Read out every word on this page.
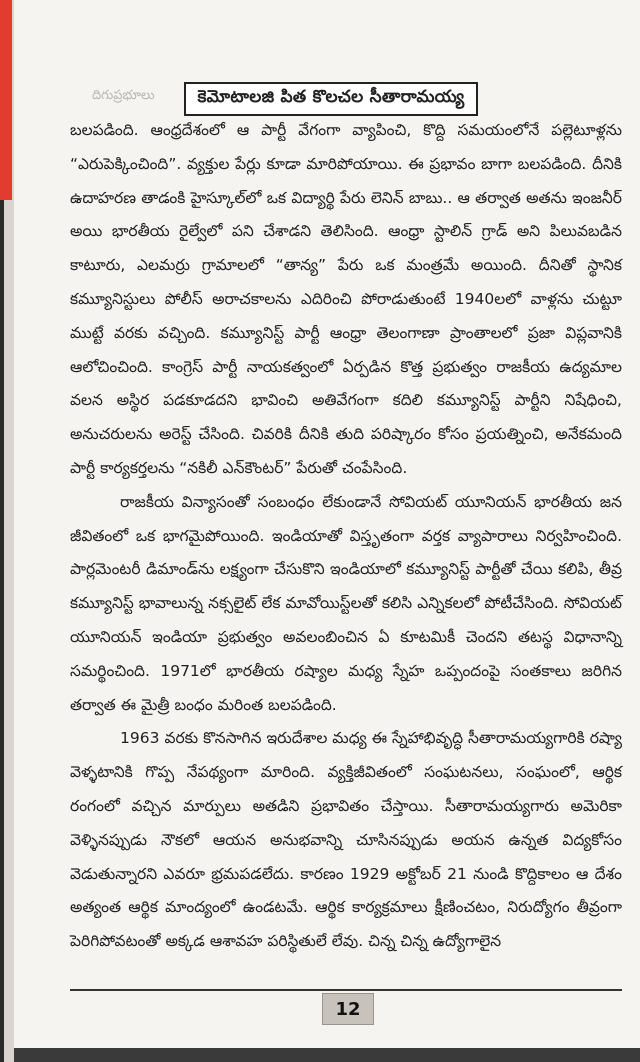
దిగుప్రభూలు	కెమోటాలజి పిత కొలచల సీతారామయ్య

బలపడింది. ఆంధ్రదేశంలో ఆ పార్టీ వేగంగా వ్యాపించి, కొద్ది సమయంలోనే పల్లెటూళ్లను “ఎరుపెక్కించింది”. వ్యక్తుల పేర్లు కూడా మారిపోయాయి. ఈ ప్రభావం బాగా బలపడింది. దీనికి ఉదాహరణ తాడంకి హైస్కూల్‌లో ఒక విద్యార్థి పేరు లెనిన్ బాబు.. ఆ తర్వాత అతను ఇంజనీర్ అయి భారతీయ రైల్వేలో పని చేశాడని తెలిసింది. ఆంధ్రా స్టాలిన్ గ్రాడ్ అని పిలువబడిన కాటూరు, ఎలమర్రు గ్రామాలలో “తాన్య” పేరు ఒక మంత్రమే అయింది. దీనితో స్థానిక కమ్యూనిస్టులు పోలీస్ అరాచకాలను ఎదిరించి పోరాడుతుంటే 1940లలో వాళ్లను చుట్టూ ముట్టే వరకు వచ్చింది. కమ్యూనిస్ట్ పార్టీ ఆంధ్రా తెలంగాణా ప్రాంతాలలో ప్రజా విప్లవానికి ఆలోచించింది. కాంగ్రెస్ పార్టీ నాయకత్వంలో ఏర్పడిన కొత్త ప్రభుత్వం రాజకీయ ఉద్యమాల వలన అస్థిర పడకూడదని భావించి అతివేగంగా కదిలి కమ్యూనిస్ట్ పార్టీని నిషేధించి, అనుచరులను అరెస్ట్ చేసింది. చివరికి దీనికి తుది పరిష్కారం కోసం ప్రయత్నించి, అనేకమంది పార్టీ కార్యకర్తలను “నకిలీ ఎన్‌కౌంటర్” పేరుతో చంపేసింది.

రాజకీయ విన్యాసంతో సంబంధం లేకుండానే సోవియట్ యూనియన్ భారతీయ జన జీవితంలో ఒక భాగమైపోయింది. ఇండియాతో విస్తృతంగా వర్తక వ్యాపారాలు నిర్వహించింది. పార్లమెంటరీ డిమాండ్‌ను లక్ష్యంగా చేసుకొని ఇండియాలో కమ్యూనిస్ట్ పార్టీతో చేయి కలిపి, తీవ్ర కమ్యూనిస్ట్ భావాలున్న నక్సలైట్ లేక మావోయిస్ట్‌లతో కలిసి ఎన్నికలలో పోటీచేసింది. సోవియట్ యూనియన్ ఇండియా ప్రభుత్వం అవలంబించిన ఏ కూటమికీ చెందని తటస్థ విధానాన్ని సమర్థించింది. 1971లో భారతీయ రష్యాల మధ్య స్నేహ ఒప్పందంపై సంతకాలు జరిగిన తర్వాత ఈ మైత్రీ బంధం మరింత బలపడింది.

1963 వరకు కొనసాగిన ఇరుదేశాల మధ్య ఈ స్నేహాభివృద్ధి సీతారామయ్యగారికి రష్యా వెళ్ళటానికి గొప్ప నేపథ్యంగా మారింది. వ్యక్తిజీవితంలో సంఘటనలు, సంఘంలో, ఆర్థిక రంగంలో వచ్చిన మార్పులు అతడిని ప్రభావితం చేస్తాయి. సీతారామయ్యగారు అమెరికా వెళ్ళినప్పుడు నౌకలో ఆయన అనుభవాన్ని చూసినప్పుడు అయన ఉన్నత విద్యకోసం వెడుతున్నారని ఎవరూ భ్రమపడలేదు. కారణం 1929 అక్టోబర్ 21 నుండి కొద్దికాలం ఆ దేశం అత్యంత ఆర్థిక మాంద్యంలో ఉండటమే. ఆర్థిక కార్యక్రమాలు క్షీణించటం, నిరుద్యోగం తీవ్రంగా పెరిగిపోవటంతో అక్కడ ఆశావహ పరిస్థితులే లేవు. చిన్న చిన్న ఉద్యోగాలైన

12
